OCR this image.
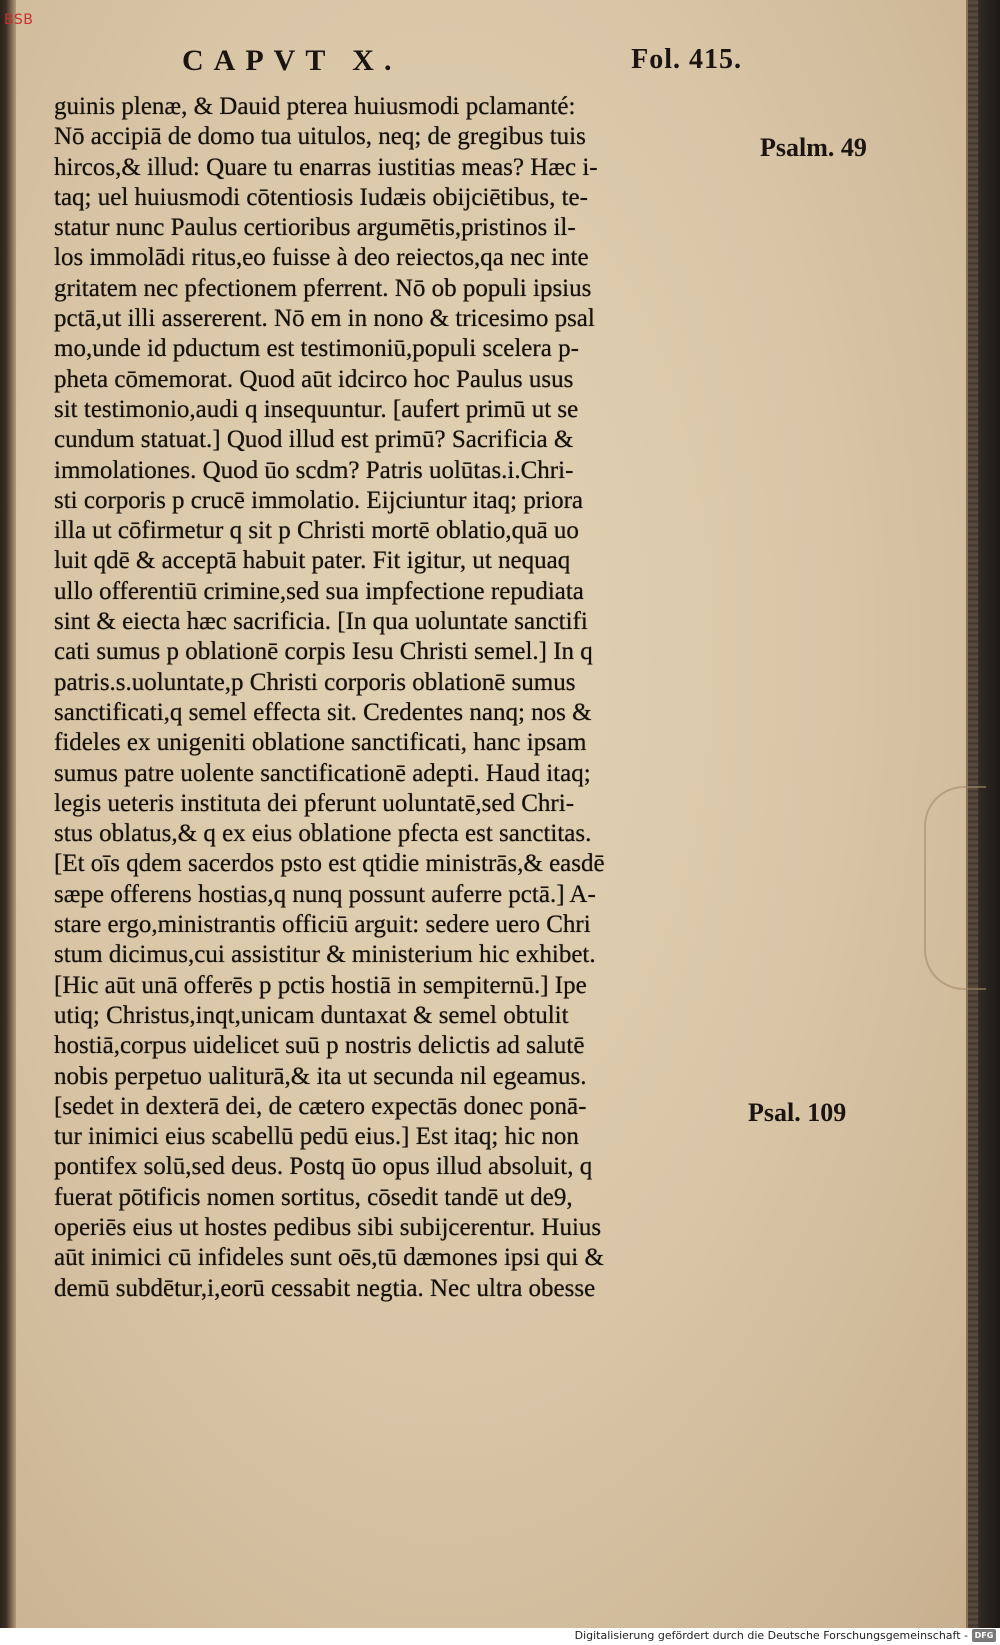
BSB
CAPVT X.	Fol. 415.
Psalm. 49
Psal. 109
guinis plenæ, & Dauid pterea huiusmodi pclamanté:
Nō accipiā de domo tua uitulos, neq; de gregibus tuis
hircos,& illud: Quare tu enarras iustitias meas? Hæc i-
taq; uel huiusmodi cōtentiosis Iudæis obijciētibus, te-
statur nunc Paulus certioribus argumētis,pristinos il-
los immolādi ritus,eo fuisse à deo reiectos,qa nec inte
gritatem nec pfectionem pferrent. Nō ob populi ipsius
pctā,ut illi assererent. Nō em in nono & tricesimo psal
mo,unde id pductum est testimoniū,populi scelera p-
pheta cōmemorat. Quod aūt idcirco hoc Paulus usus
sit testimonio,audi q insequuntur. [aufert primū ut se
cundum statuat.] Quod illud est primū? Sacrificia &
immolationes. Quod ūo scdm? Patris uolūtas.i.Chri-
sti corporis p crucē immolatio. Eijciuntur itaq; priora
illa ut cōfirmetur q sit p Christi mortē oblatio,quā uo
luit qdē & acceptā habuit pater. Fit igitur, ut nequaq
ullo offerentiū crimine,sed sua impfectione repudiata
sint & eiecta hæc sacrificia. [In qua uoluntate sanctifi
cati sumus p oblationē corpis Iesu Christi semel.] In q
patris.s.uoluntate,p Christi corporis oblationē sumus
sanctificati,q semel effecta sit. Credentes nanq; nos &
fideles ex unigeniti oblatione sanctificati, hanc ipsam
sumus patre uolente sanctificationē adepti. Haud itaq;
legis ueteris instituta dei pferunt uoluntatē,sed Chri-
stus oblatus,& q ex eius oblatione pfecta est sanctitas.
[Et oīs qdem sacerdos psto est qtidie ministrās,& easdē
sæpe offerens hostias,q nunq possunt auferre pctā.] A-
stare ergo,ministrantis officiū arguit: sedere uero Chri
stum dicimus,cui assistitur & ministerium hic exhibet.
[Hic aūt unā offerēs p pctis hostiā in sempiternū.] Ipe
utiq; Christus,inqt,unicam duntaxat & semel obtulit
hostiā,corpus uidelicet suū p nostris delictis ad salutē
nobis perpetuo ualiturā,& ita ut secunda nil egeamus.
[sedet in dexterā dei, de cætero expectās donec ponā-
tur inimici eius scabellū pedū eius.] Est itaq; hic non
pontifex solū,sed deus. Postq ūo opus illud absoluit, q
fuerat pōtificis nomen sortitus, cōsedit tandē ut de9,
operiēs eius ut hostes pedibus sibi subijcerentur. Huius
aūt inimici cū infideles sunt oēs,tū dæmones ipsi qui &
demū subdētur,i,eorū cessabit negtia. Nec ultra obesse
Digitalisierung gefördert durch die Deutsche Forschungsgemeinschaft - DFG
